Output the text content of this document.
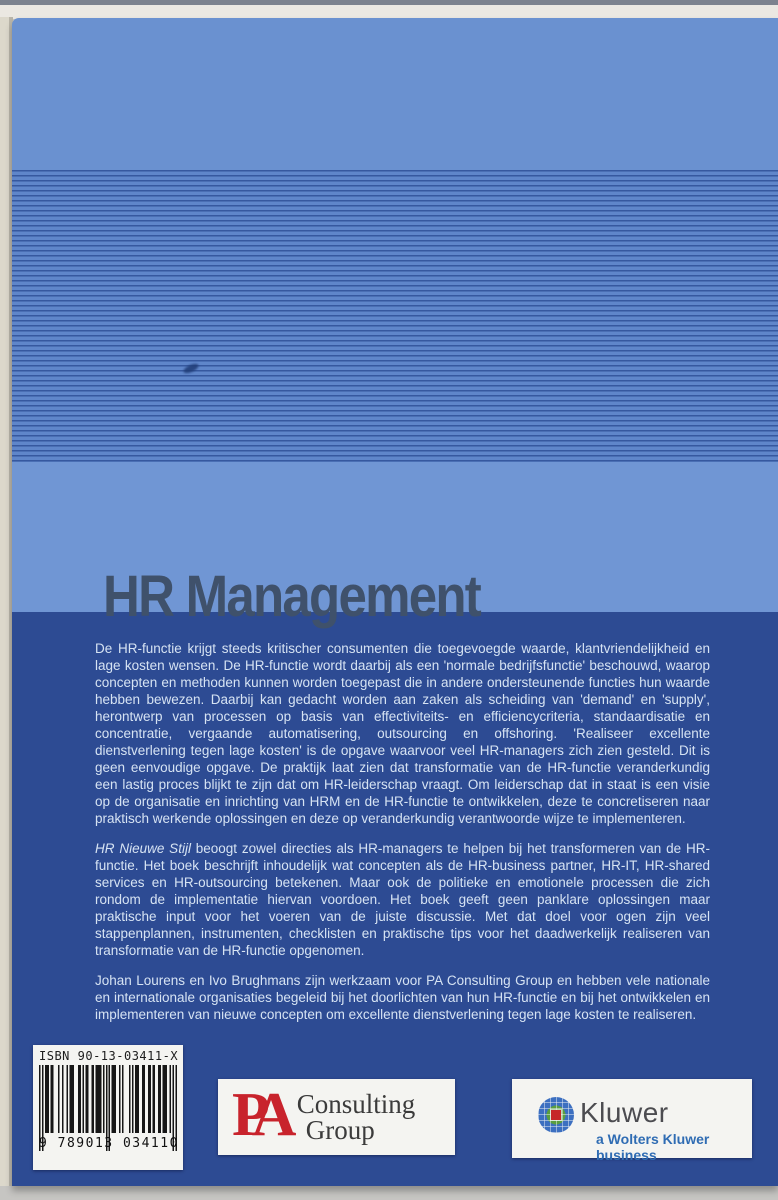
HR Management

De HR-functie krijgt steeds kritischer consumenten die toegevoegde waarde, klantvriendelijkheid en lage kosten wensen. De HR-functie wordt daarbij als een 'normale bedrijfsfunctie' beschouwd, waarop concepten en methoden kunnen worden toegepast die in andere ondersteunende functies hun waarde hebben bewezen. Daarbij kan gedacht worden aan zaken als scheiding van 'demand' en 'supply', herontwerp van processen op basis van effectiviteits- en efficiencycriteria, standaardisatie en concentratie, vergaande automatisering, outsourcing en offshoring. 'Realiseer excellente dienstverlening tegen lage kosten' is de opgave waarvoor veel HR-managers zich zien gesteld. Dit is geen eenvoudige opgave. De praktijk laat zien dat transformatie van de HR-functie veranderkundig een lastig proces blijkt te zijn dat om HR-leiderschap vraagt. Om leiderschap dat in staat is een visie op de organisatie en inrichting van HRM en de HR-functie te ontwikkelen, deze te concretiseren naar praktisch werkende oplossingen en deze op veranderkundig verantwoorde wijze te implementeren.

HR Nieuwe Stijl beoogt zowel directies als HR-managers te helpen bij het transformeren van de HR-functie. Het boek beschrijft inhoudelijk wat concepten als de HR-business partner, HR-IT, HR-shared services en HR-outsourcing betekenen. Maar ook de politieke en emotionele processen die zich rondom de implementatie hiervan voordoen. Het boek geeft geen panklare oplossingen maar praktische input voor het voeren van de juiste discussie. Met dat doel voor ogen zijn veel stappenplannen, instrumenten, checklisten en praktische tips voor het daadwerkelijk realiseren van transformatie van de HR-functie opgenomen.

Johan Lourens en Ivo Brughmans zijn werkzaam voor PA Consulting Group en hebben vele nationale en internationale organisaties begeleid bij het doorlichten van hun HR-functie en bij het ontwikkelen en implementeren van nieuwe concepten om excellente dienstverlening tegen lage kosten te realiseren.

ISBN 90-13-03411-X
9 789013 034110 PA Consulting
Group
Kluwer
a Wolters Kluwer business
